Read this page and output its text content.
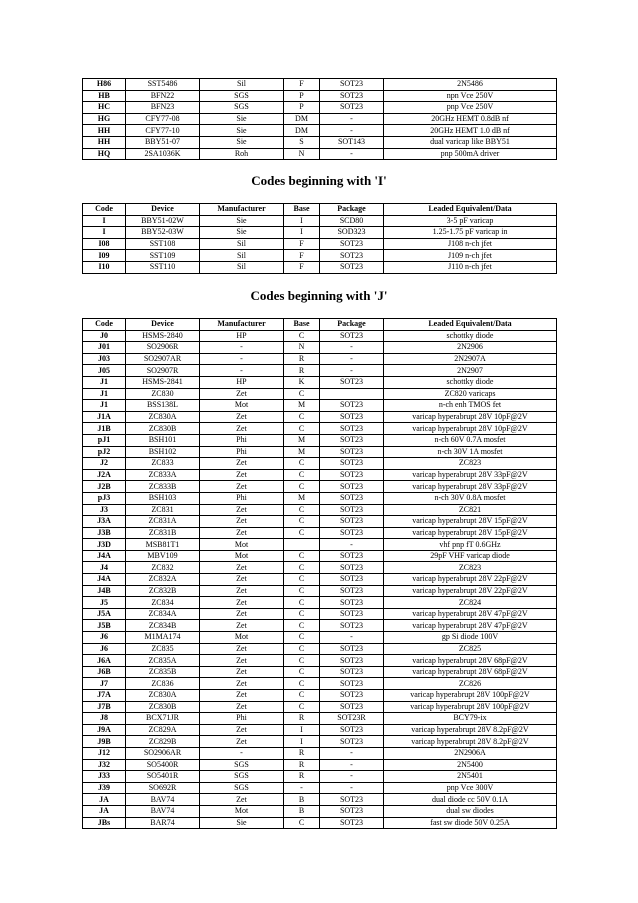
H86	SST5486	Sil	F	SOT23	2N5486
HB	BFN22	SGS	P	SOT23	npn Vce 250V
HC	BFN23	SGS	P	SOT23	pnp Vce 250V
HG	CFY77-08	Sie	DM	-	20GHz HEMT 0.8dB nf
HH	CFY77-10	Sie	DM	-	20GHz HEMT 1.0 dB nf
HH	BBY51-07	Sie	S	SOT143	dual varicap like BBY51
HQ	2SA1036K	Roh	N	-	pnp 500mA driver
Codes beginning with 'I'
Code	Device	Manufacturer	Base	Package	Leaded Equivalent/Data
I	BBY51-02W	Sie	I	SCD80	3-5 pF varicap
I	BBY52-03W	Sie	I	SOD323	1.25-1.75 pF varicap in
I08	SST108	Sil	F	SOT23	J108 n-ch jfet
I09	SST109	Sil	F	SOT23	J109 n-ch jfet
I10	SST110	Sil	F	SOT23	J110 n-ch jfet
Codes beginning with 'J'
Code	Device	Manufacturer	Base	Package	Leaded Equivalent/Data
J0	HSMS-2840	HP	C	SOT23	schottky diode
J01	SO2906R	-	N	-	2N2906
J03	SO2907AR	-	R	-	2N2907A
J05	SO2907R	-	R	-	2N2907
J1	HSMS-2841	HP	K	SOT23	schottky diode
J1	ZC830	Zet	C		ZC820 varicaps
J1	BSS138L	Mot	M	SOT23	n-ch enh TMOS fet
J1A	ZC830A	Zet	C	SOT23	varicap hyperabrupt 28V 10pF@2V
J1B	ZC830B	Zet	C	SOT23	varicap hyperabrupt 28V 10pF@2V
pJ1	BSH101	Phi	M	SOT23	n-ch 60V 0.7A mosfet
pJ2	BSH102	Phi	M	SOT23	n-ch 30V 1A mosfet
J2	ZC833	Zet	C	SOT23	ZC823
J2A	ZC833A	Zet	C	SOT23	varicap hyperabrupt 28V 33pF@2V
J2B	ZC833B	Zet	C	SOT23	varicap hyperabrupt 28V 33pF@2V
pJ3	BSH103	Phi	M	SOT23	n-ch 30V 0.8A mosfet
J3	ZC831	Zet	C	SOT23	ZC821
J3A	ZC831A	Zet	C	SOT23	varicap hyperabrupt 28V 15pF@2V
J3B	ZC831B	Zet	C	SOT23	varicap hyperabrupt 28V 15pF@2V
J3D	MSB81T1	Mot		-	vhf pnp fT 0.6GHz
J4A	MBV109	Mot	C	SOT23	29pF VHF varicap diode
J4	ZC832	Zet	C	SOT23	ZC823
J4A	ZC832A	Zet	C	SOT23	varicap hyperabrupt 28V 22pF@2V
J4B	ZC832B	Zet	C	SOT23	varicap hyperabrupt 28V 22pF@2V
J5	ZC834	Zet	C	SOT23	ZC824
J5A	ZC834A	Zet	C	SOT23	varicap hyperabrupt 28V 47pF@2V
J5B	ZC834B	Zet	C	SOT23	varicap hyperabrupt 28V 47pF@2V
J6	M1MA174	Mot	C	-	gp Si diode 100V
J6	ZC835	Zet	C	SOT23	ZC825
J6A	ZC835A	Zet	C	SOT23	varicap hyperabrupt 28V 68pF@2V
J6B	ZC835B	Zet	C	SOT23	varicap hyperabrupt 28V 68pF@2V
J7	ZC836	Zet	C	SOT23	ZC826
J7A	ZC830A	Zet	C	SOT23	varicap hyperabrupt 28V 100pF@2V
J7B	ZC830B	Zet	C	SOT23	varicap hyperabrupt 28V 100pF@2V
J8	BCX71JR	Phi	R	SOT23R	BCY79-ix
J9A	ZC829A	Zet	I	SOT23	varicap hyperabrupt 28V 8.2pF@2V
J9B	ZC829B	Zet	I	SOT23	varicap hyperabrupt 28V 8.2pF@2V
J12	SO2906AR	-	R	-	2N2906A
J32	SO5400R	SGS	R	-	2N5400
J33	SO5401R	SGS	R	-	2N5401
J39	SO692R	SGS	-	-	pnp Vce 300V
JA	BAV74	Zet	B	SOT23	dual diode cc 50V 0.1A
JA	BAV74	Mot	B	SOT23	dual sw diodes
JBs	BAR74	Sie	C	SOT23	fast sw diode 50V 0.25A
